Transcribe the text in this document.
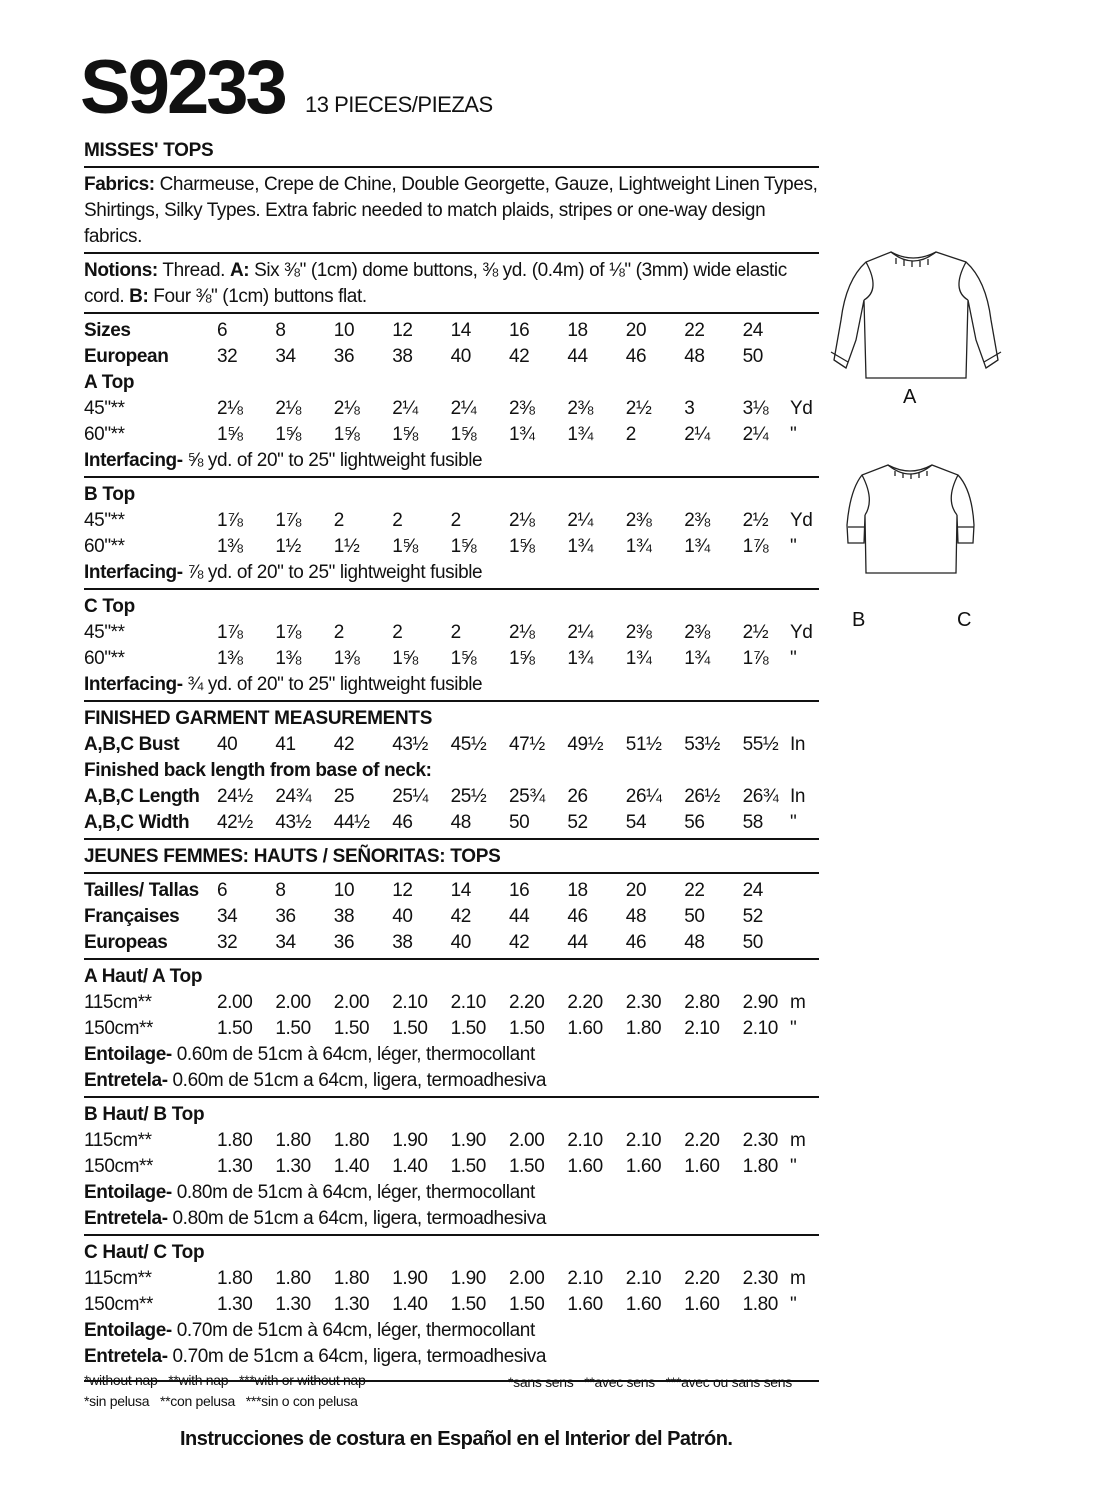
S9233 13 PIECES/PIEZAS
MISSES' TOPS
Fabrics: Charmeuse, Crepe de Chine, Double Georgette, Gauze, Lightweight Linen Types, Shirtings, Silky Types. Extra fabric needed to match plaids, stripes or one-way design fabrics.
Notions: Thread. A: Six ⅜" (1cm) dome buttons, ⅜ yd. (0.4m) of ⅛" (3mm) wide elastic cord. B: Four ⅜" (1cm) buttons flat.
Sizes	6	8	10 12 14 16 18 20 22 24
European	32 34 36 38 40 42 44 46 48 50
A Top
45"**	2⅛ 2⅛ 2⅛ 2¼ 2¼ 2⅜ 2⅜ 2½ 3	3⅛ Yd
60"**	1⅝ 1⅝ 1⅝ 1⅝ 1⅝ 1¾ 1¾ 2	2¼ 2¼ "
Interfacing- ⅝ yd. of 20" to 25" lightweight fusible
B Top
45"**	1⅞ 1⅞ 2	2	2	2⅛ 2¼ 2⅜ 2⅜ 2½ Yd
60"**	1⅜ 1½ 1½ 1⅝ 1⅝ 1⅝ 1¾ 1¾ 1¾ 1⅞ "
Interfacing- ⅞ yd. of 20" to 25" lightweight fusible
C Top
45"**	1⅞ 1⅞ 2	2	2	2⅛ 2¼ 2⅜ 2⅜ 2½ Yd
60"**	1⅜ 1⅜ 1⅜ 1⅝ 1⅝ 1⅝ 1¾ 1¾ 1¾ 1⅞ "
Interfacing- ¾ yd. of 20" to 25" lightweight fusible
FINISHED GARMENT MEASUREMENTS
A,B,C Bust 40 41 42 43½ 45½ 47½ 49½ 51½ 53½ 55½ In
Finished back length from base of neck:
A,B,C Length 24½ 24¾ 25 25¼ 25½ 25¾ 26 26¼ 26½ 26¾ In
A,B,C Width 42½ 43½ 44½ 46 48 50 52 54 56 58 "
JEUNES FEMMES: HAUTS / SEÑORITAS: TOPS
Tailles/ Tallas 6	8	10 12 14 16 18 20 22 24
Françaises 34 36 38 40 42 44 46 48 50 52
Europeas	32 34 36 38 40 42 44 46 48 50
A Haut/ A Top
115cm**	2.00 2.00 2.00 2.10 2.10 2.20 2.20 2.30 2.80 2.90 m
150cm**	1.50 1.50 1.50 1.50 1.50 1.50 1.60 1.80 2.10 2.10 "
Entoilage- 0.60m de 51cm à 64cm, léger, thermocollant
Entretela- 0.60m de 51cm a 64cm, ligera, termoadhesiva
B Haut/ B Top
115cm**	1.80 1.80 1.80 1.90 1.90 2.00 2.10 2.10 2.20 2.30 m
150cm**	1.30 1.30 1.40 1.40 1.50 1.50 1.60 1.60 1.60 1.80 "
Entoilage- 0.80m de 51cm à 64cm, léger, thermocollant
Entretela- 0.80m de 51cm a 64cm, ligera, termoadhesiva
C Haut/ C Top
115cm**	1.80 1.80 1.80 1.90 1.90 2.00 2.10 2.10 2.20 2.30 m
150cm**	1.30 1.30 1.30 1.40 1.50 1.50 1.60 1.60 1.60 1.80 "
Entoilage- 0.70m de 51cm à 64cm, léger, thermocollant
Entretela- 0.70m de 51cm a 64cm, ligera, termoadhesiva
*without nap   **with nap   ***with or without nap
*sin pelusa   **con pelusa   ***sin o con pelusa
*sans sens   **avec sens   ***avec ou sans sens
Instrucciones de costura en Español en el Interior del Patrón.
A
B	C
